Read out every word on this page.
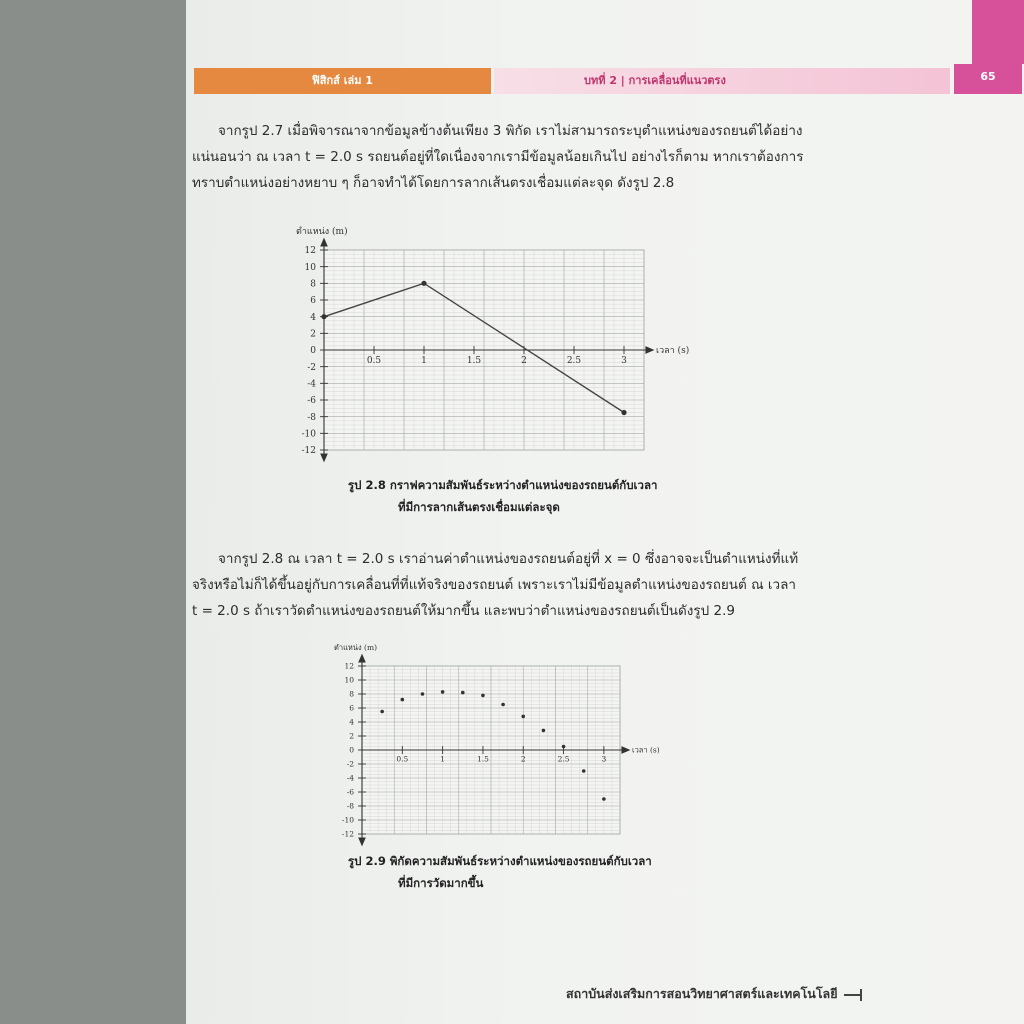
ฟิสิกส์ เล่ม 1	บทที่ 2 | การเคลื่อนที่แนวตรง	65

จากรูป 2.7 เมื่อพิจารณาจากข้อมูลข้างต้นเพียง 3 พิกัด เราไม่สามารถระบุตำแหน่งของรถยนต์ได้อย่าง

แน่นอนว่า ณ เวลา t = 2.0 s รถยนต์อยู่ที่ใดเนื่องจากเรามีข้อมูลน้อยเกินไป อย่างไรก็ตาม หากเราต้องการ

ทราบตำแหน่งอย่างหยาบ ๆ ก็อาจทำได้โดยการลากเส้นตรงเชื่อมแต่ละจุด ดังรูป 2.8

12
10
8
6
4
2
0
-2
-4
-6
-8
-10
-12
0.5	1	1.5	2	2.5	3
ตำแหน่ง (m)
เวลา (s)
รูป 2.8 กราฟความสัมพันธ์ระหว่างตำแหน่งของรถยนต์กับเวลา
ที่มีการลากเส้นตรงเชื่อมแต่ละจุด

จากรูป 2.8 ณ เวลา t = 2.0 s เราอ่านค่าตำแหน่งของรถยนต์อยู่ที่ x = 0 ซึ่งอาจจะเป็นตำแหน่งที่แท้

จริงหรือไม่ก็ได้ขึ้นอยู่กับการเคลื่อนที่ที่แท้จริงของรถยนต์ เพราะเราไม่มีข้อมูลตำแหน่งของรถยนต์ ณ เวลา

t = 2.0 s ถ้าเราวัดตำแหน่งของรถยนต์ให้มากขึ้น และพบว่าตำแหน่งของรถยนต์เป็นดังรูป 2.9

12
10
8
6
4
2
0
-2
-4
-6
-8
-10
-12
0.5	1	1.5	2	2.5	3
ตำแหน่ง (m)
เวลา (s)
รูป 2.9 พิกัดความสัมพันธ์ระหว่างตำแหน่งของรถยนต์กับเวลา
ที่มีการวัดมากขึ้น
สถาบันส่งเสริมการสอนวิทยาศาสตร์และเทคโนโลยี
